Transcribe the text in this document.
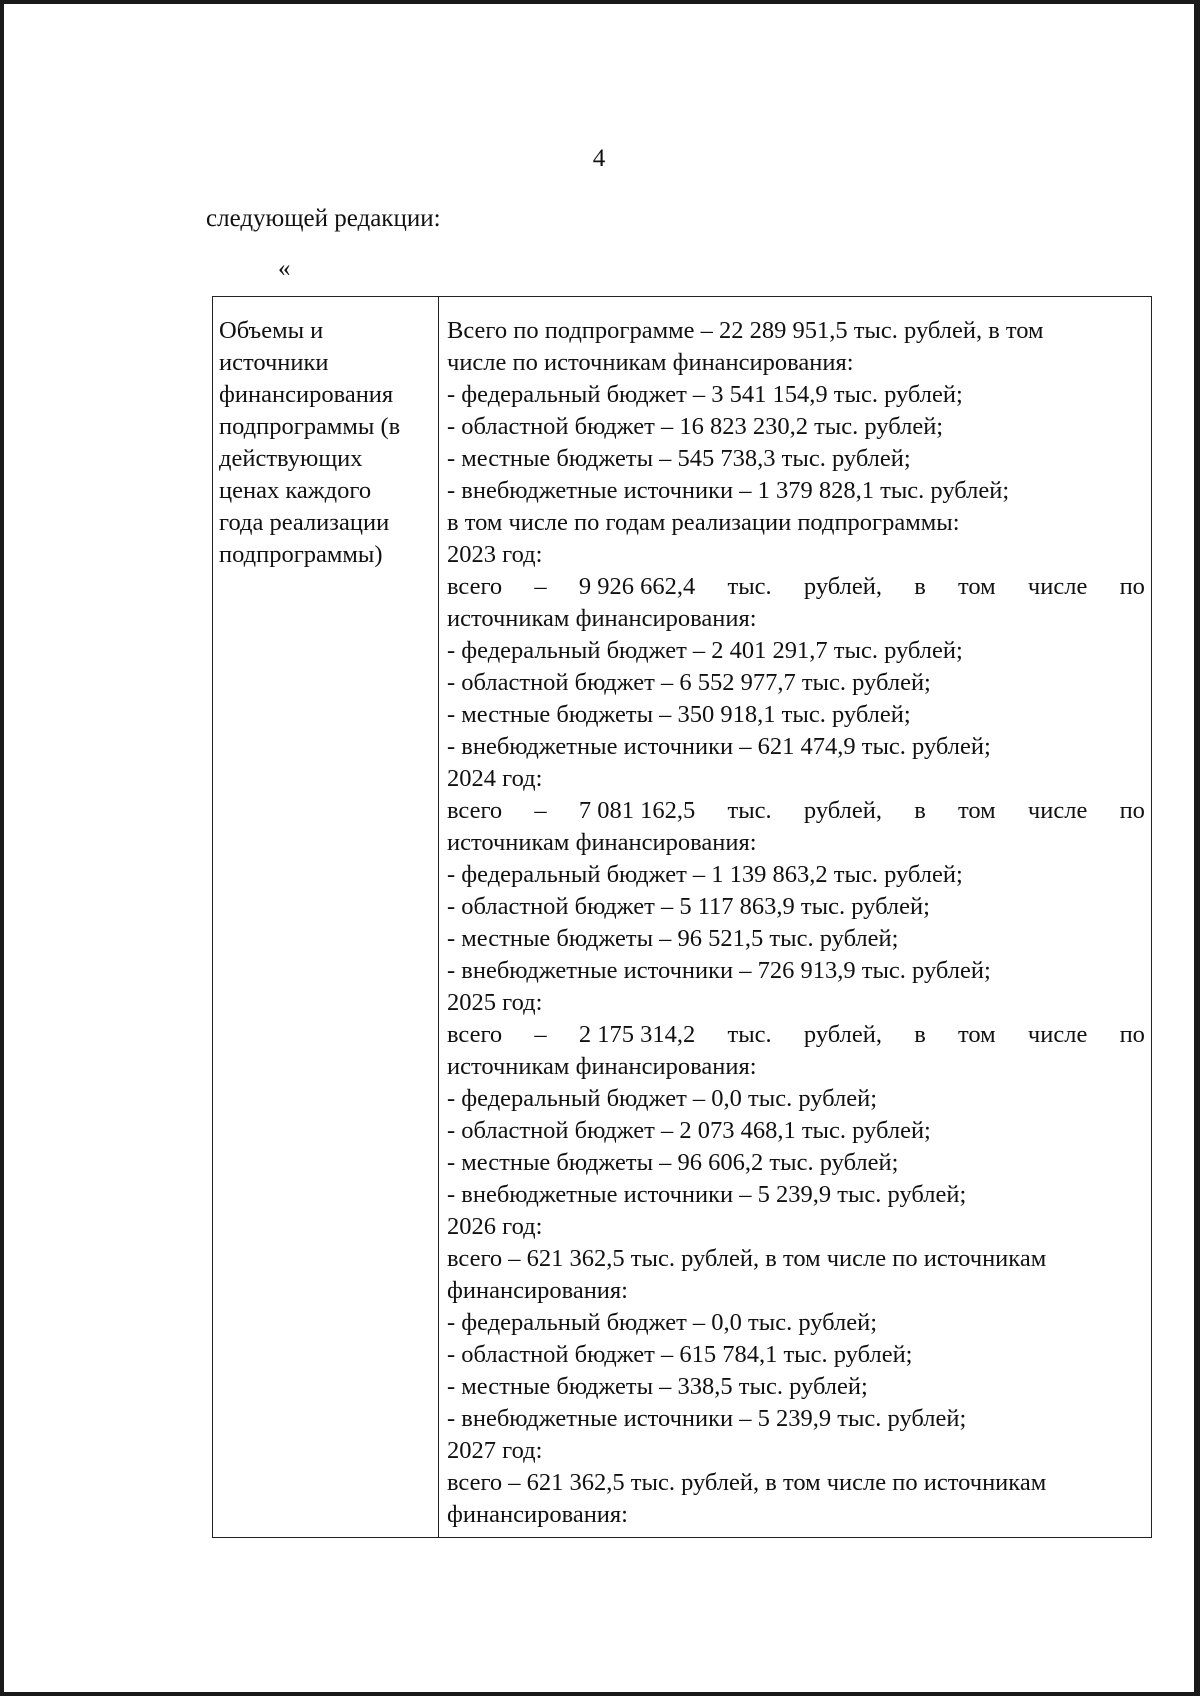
4
следующей редакции:
«
Объемы и
источники
финансирования
подпрограммы (в
действующих
ценах каждого
года реализации
подпрограммы)
Всего по подпрограмме – 22 289 951,5 тыс. рублей, в том
числе по источникам финансирования:
- федеральный бюджет – 3 541 154,9 тыс. рублей;
- областной бюджет – 16 823 230,2 тыс. рублей;
- местные бюджеты – 545 738,3 тыс. рублей;
- внебюджетные источники – 1 379 828,1 тыс. рублей;
в том числе по годам реализации подпрограммы:
2023 год:
всего – 9 926 662,4 тыс. рублей, в том числе по
источникам финансирования:
- федеральный бюджет – 2 401 291,7 тыс. рублей;
- областной бюджет – 6 552 977,7 тыс. рублей;
- местные бюджеты – 350 918,1 тыс. рублей;
- внебюджетные источники – 621 474,9 тыс. рублей;
2024 год:
всего – 7 081 162,5 тыс. рублей, в том числе по
источникам финансирования:
- федеральный бюджет – 1 139 863,2 тыс. рублей;
- областной бюджет – 5 117 863,9 тыс. рублей;
- местные бюджеты – 96 521,5 тыс. рублей;
- внебюджетные источники – 726 913,9 тыс. рублей;
2025 год:
всего – 2 175 314,2 тыс. рублей, в том числе по
источникам финансирования:
- федеральный бюджет – 0,0 тыс. рублей;
- областной бюджет – 2 073 468,1 тыс. рублей;
- местные бюджеты – 96 606,2 тыс. рублей;
- внебюджетные источники – 5 239,9 тыс. рублей;
2026 год:
всего – 621 362,5 тыс. рублей, в том числе по источникам
финансирования:
- федеральный бюджет – 0,0 тыс. рублей;
- областной бюджет – 615 784,1 тыс. рублей;
- местные бюджеты – 338,5 тыс. рублей;
- внебюджетные источники – 5 239,9 тыс. рублей;
2027 год:
всего – 621 362,5 тыс. рублей, в том числе по источникам
финансирования:
